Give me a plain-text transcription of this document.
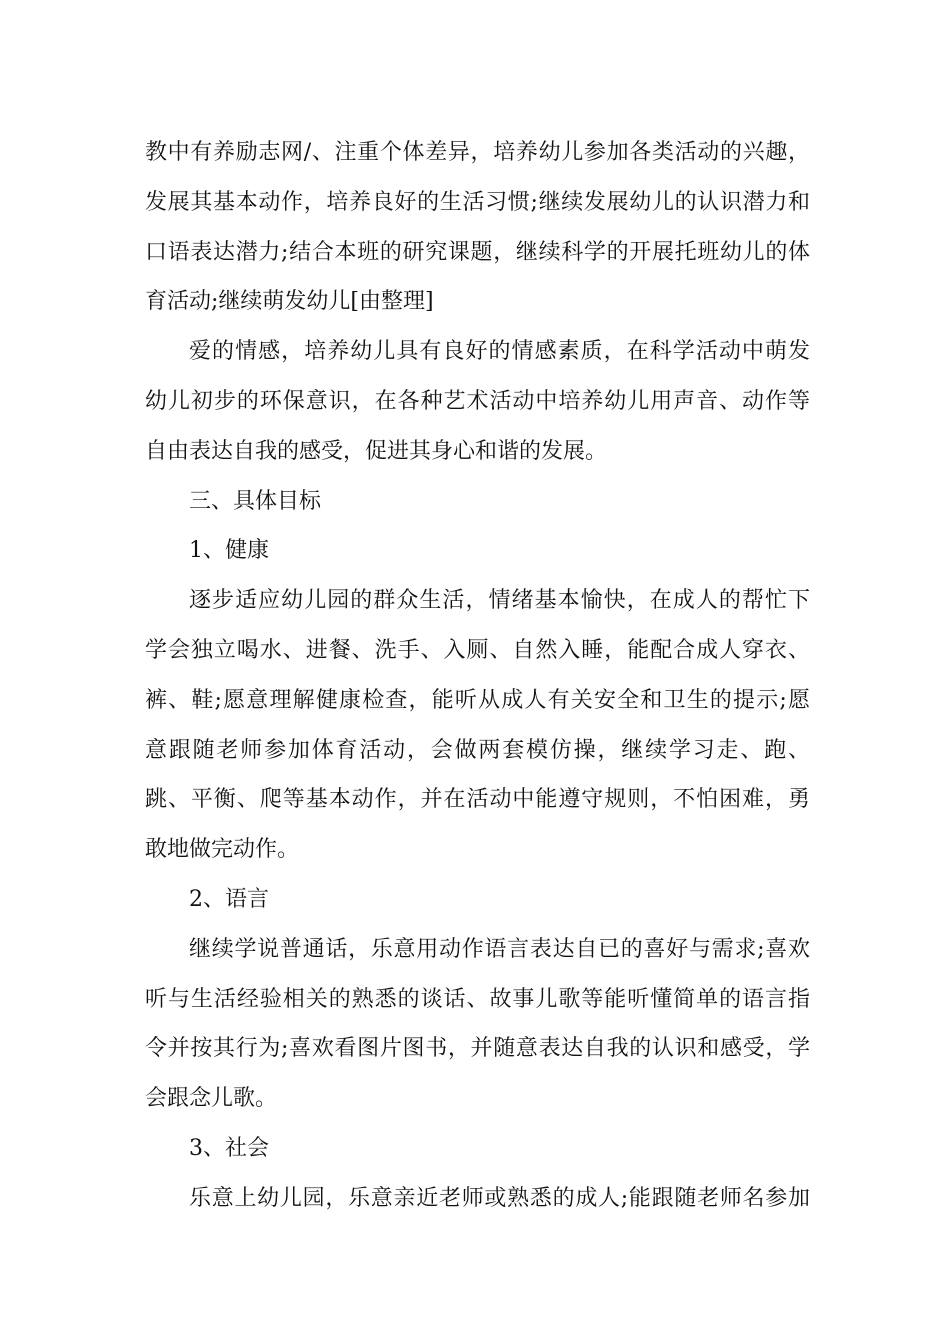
教中有养励志网/、注重个体差异，培养幼儿参加各类活动的兴趣，
发展其基本动作，培养良好的生活习惯;继续发展幼儿的认识潜力和
口语表达潜力;结合本班的研究课题，继续科学的开展托班幼儿的体
育活动;继续萌发幼儿[由整理]
爱的情感，培养幼儿具有良好的情感素质，在科学活动中萌发
幼儿初步的环保意识，在各种艺术活动中培养幼儿用声音、动作等
自由表达自我的感受，促进其身心和谐的发展。
三、具体目标
1、健康
逐步适应幼儿园的群众生活，情绪基本愉快，在成人的帮忙下
学会独立喝水、进餐、洗手、入厕、自然入睡，能配合成人穿衣、
裤、鞋;愿意理解健康检查，能听从成人有关安全和卫生的提示;愿
意跟随老师参加体育活动，会做两套模仿操，继续学习走、跑、
跳、平衡、爬等基本动作，并在活动中能遵守规则，不怕困难，勇
敢地做完动作。
2、语言
继续学说普通话，乐意用动作语言表达自已的喜好与需求;喜欢
听与生活经验相关的熟悉的谈话、故事儿歌等能听懂简单的语言指
令并按其行为;喜欢看图片图书，并随意表达自我的认识和感受，学
会跟念儿歌。
3、社会
乐意上幼儿园，乐意亲近老师或熟悉的成人;能跟随老师名参加
